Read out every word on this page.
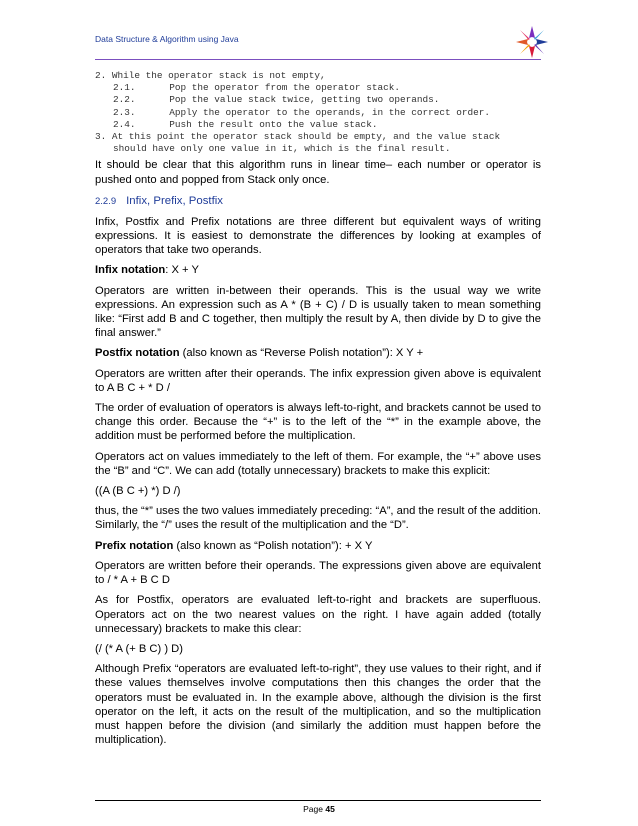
Data Structure & Algorithm using Java
2. While the operator stack is not empty,
2.1.	Pop the operator from the operator stack.
2.2.	Pop the value stack twice, getting two operands.
2.3.	Apply the operator to the operands, in the correct order.
2.4.	Push the result onto the value stack.
3. At this point the operator stack should be empty, and the value stack
should have only one value in it, which is the final result.

It should be clear that this algorithm runs in linear time– each number or operator is pushed onto and popped from Stack only once.

2.2.9 Infix, Prefix, Postfix

Infix, Postfix and Prefix notations are three different but equivalent ways of writing expressions. It is easiest to demonstrate the differences by looking at examples of operators that take two operands.

Infix notation: X + Y

Operators are written in-between their operands. This is the usual way we write expressions. An expression such as A * (B + C) / D is usually taken to mean something like: “First add B and C together, then multiply the result by A, then divide by D to give the final answer.”

Postfix notation (also known as “Reverse Polish notation”): X Y +

Operators are written after their operands. The infix expression given above is equivalent to A B C + * D /

The order of evaluation of operators is always left-to-right, and brackets cannot be used to change this order. Because the “+” is to the left of the “*” in the example above, the addition must be performed before the multiplication.

Operators act on values immediately to the left of them. For example, the “+” above uses the “B” and “C”. We can add (totally unnecessary) brackets to make this explicit:

((A (B C +) *) D /)

thus, the “*” uses the two values immediately preceding: “A”, and the result of the addition. Similarly, the “/” uses the result of the multiplication and the “D”.

Prefix notation (also known as “Polish notation”): + X Y

Operators are written before their operands. The expressions given above are equivalent to / * A + B C D

As for Postfix, operators are evaluated left-to-right and brackets are superfluous. Operators act on the two nearest values on the right. I have again added (totally unnecessary) brackets to make this clear:

(/ (* A (+ B C) ) D)

Although Prefix “operators are evaluated left-to-right”, they use values to their right, and if these values themselves involve computations then this changes the order that the operators must be evaluated in. In the example above, although the division is the first operator on the left, it acts on the result of the multiplication, and so the multiplication must happen before the division (and similarly the addition must happen before the multiplication).

Page 45
